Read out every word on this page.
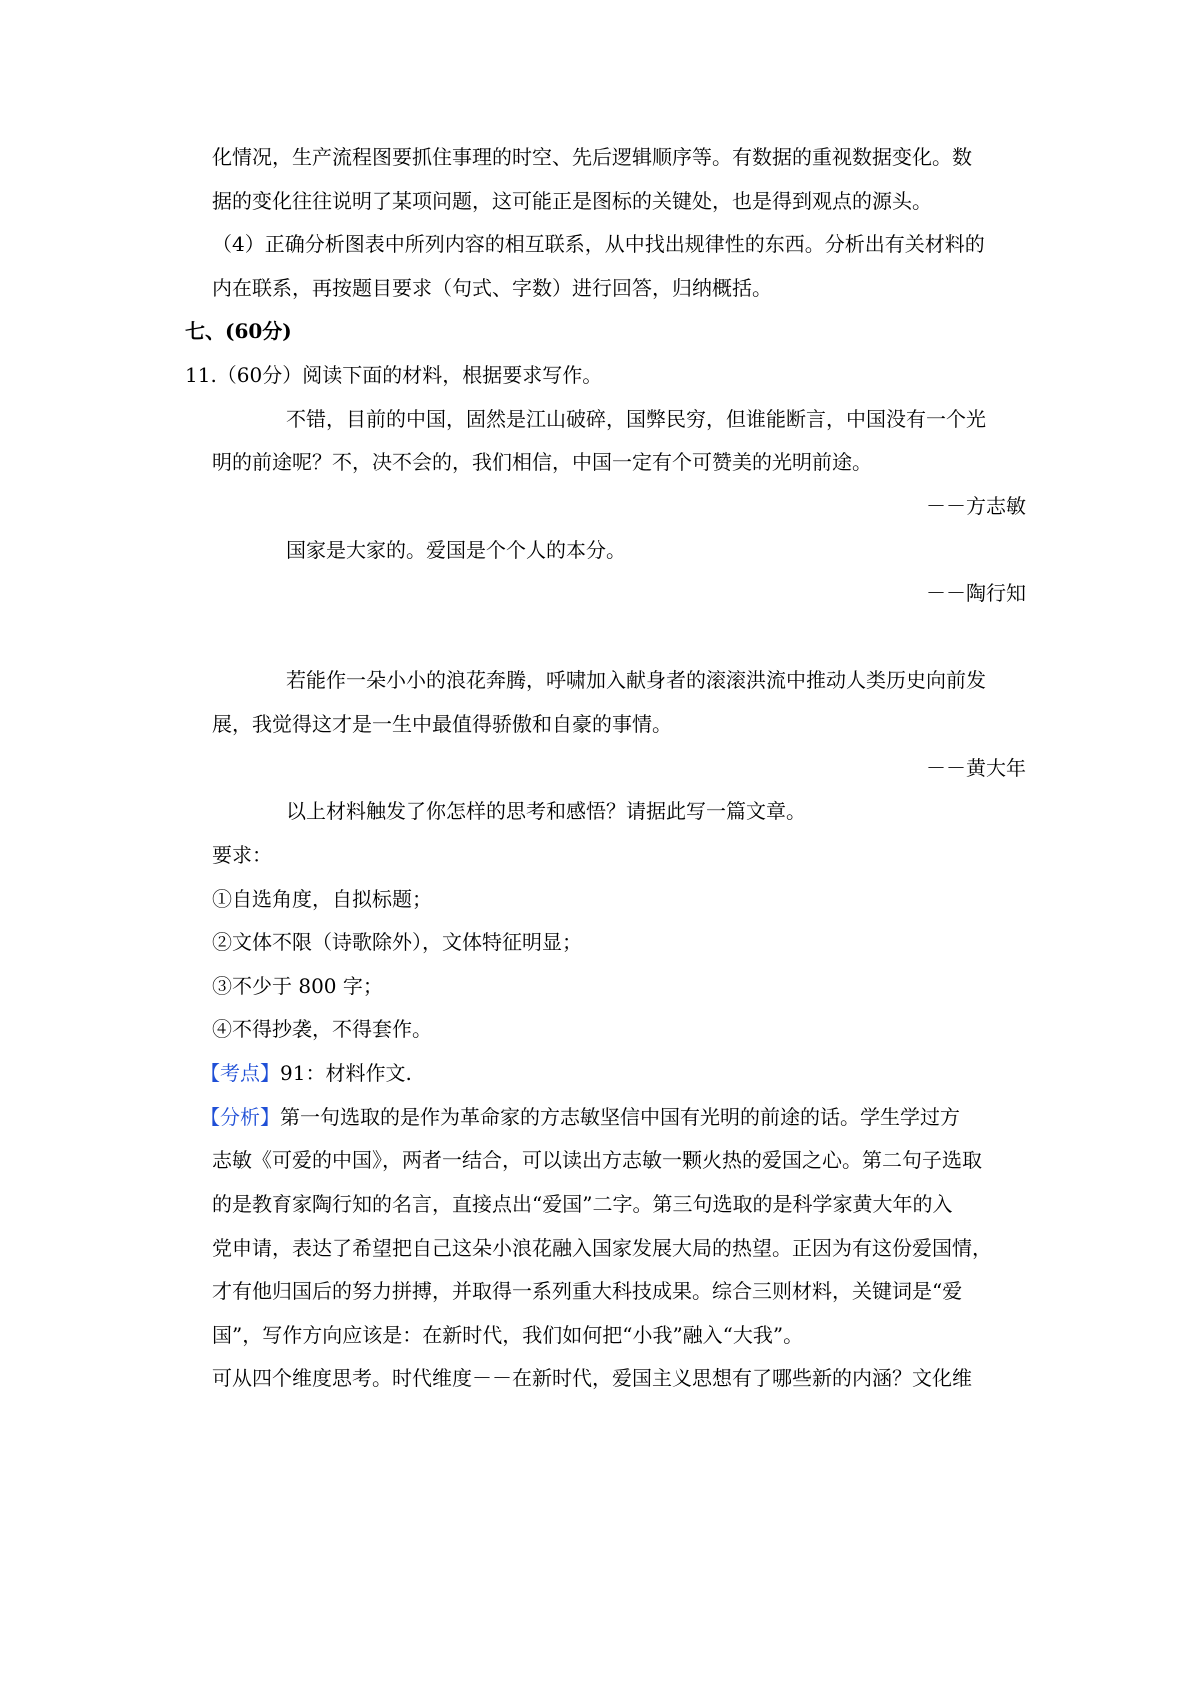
化情况，生产流程图要抓住事理的时空、先后逻辑顺序等。有数据的重视数据变化。数
据的变化往往说明了某项问题，这可能正是图标的关键处，也是得到观点的源头。
（4）正确分析图表中所列内容的相互联系，从中找出规律性的东西。分析出有关材料的
内在联系，再按题目要求（句式、字数）进行回答，归纳概括。
七、(60分)
11.（60分）阅读下面的材料，根据要求写作。
不错，目前的中国，固然是江山破碎，国弊民穷，但谁能断言，中国没有一个光
明的前途呢？不，决不会的，我们相信，中国一定有个可赞美的光明前途。
－－方志敏
国家是大家的。爱国是个个人的本分。
－－陶行知
若能作一朵小小的浪花奔腾，呼啸加入献身者的滚滚洪流中推动人类历史向前发
展，我觉得这才是一生中最值得骄傲和自豪的事情。
－－黄大年
以上材料触发了你怎样的思考和感悟？请据此写一篇文章。
要求：
①自选角度，自拟标题；
②文体不限（诗歌除外），文体特征明显；
③不少于 800 字；
④不得抄袭，不得套作。
【考点】91：材料作文.
【分析】第一句选取的是作为革命家的方志敏坚信中国有光明的前途的话。学生学过方
志敏《可爱的中国》，两者一结合，可以读出方志敏一颗火热的爱国之心。第二句子选取
的是教育家陶行知的名言，直接点出“爱国”二字。第三句选取的是科学家黄大年的入
党申请，表达了希望把自己这朵小浪花融入国家发展大局的热望。正因为有这份爱国情，
才有他归国后的努力拼搏，并取得一系列重大科技成果。综合三则材料，关键词是“爱
国”，写作方向应该是：在新时代，我们如何把“小我”融入“大我”。
可从四个维度思考。时代维度－－在新时代，爱国主义思想有了哪些新的内涵？文化维
